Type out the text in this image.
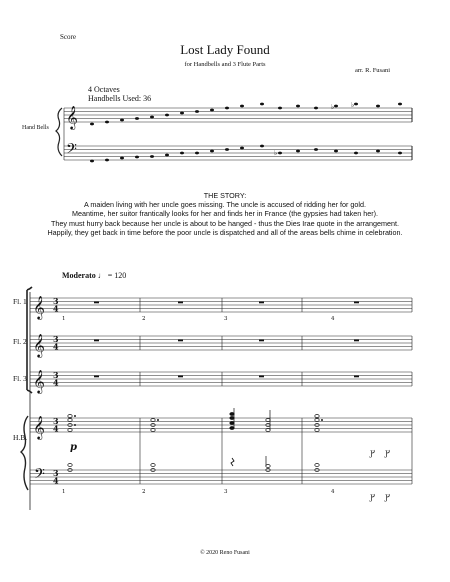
Score
Lost Lady Found
for Handbells and 3 Flute Parts
arr. R. Fusani
4 Octaves
Handbells Used: 36
Hand Bells
THE STORY:
A maiden living with her uncle goes missing. The uncle is accused of ridding her for gold.
Meantime, her suitor frantically looks for her and finds her in France (the gypsies had taken her).
They must hurry back because her uncle is about to be hanged - thus the Dies Irae quote in the arrangement.
Happily, they get back in time before the poor uncle is dispatched and all of the areas bells chime in celebration.
Moderato ♩ = 120
Fl. 1
Fl. 2
Fl. 3
H.B.
𝄞
𝄢
♭ ♭
♭
𝄞
𝄞
𝄞
𝄞
𝄢
3
4
3
4
3
4
3
4
3
4
J J
J J
p
1	2	3	4
1	2	3	4
© 2020 Reno Fusani
